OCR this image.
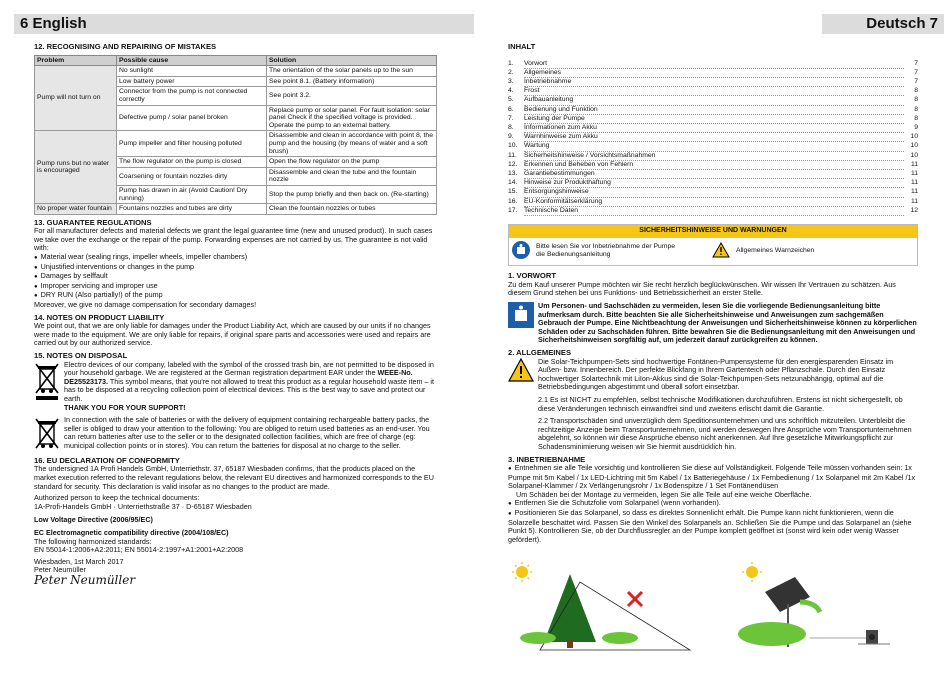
6 English	Deutsch 7
12. RECOGNISING AND REPAIRING OF MISTAKES
Problem	Possible cause	Solution
Pump will not turn on	No sunlight	The orientation of the solar panels up to the sun
	Low battery power	See point 8.1. (Battery information)
	Connector from the pump is not connected correctly	See point 3.2.
	Defective pump / solar panel broken	Replace pump or solar panel. For fault isolation: solar panel Check if the specified voltage is provided. Operate the pump to an external battery.
Pump runs but no water is encouraged	Pump impeller and filter housing polluted	Disassemble and clean in accordance with point 8, the pump and the housing (by means of water and a soft brush)
	The flow regulator on the pump is closed	Open the flow regulator on the pump
	Coarsening or fountain nozzles dirty	Disassemble and clean the tube and the fountain nozzle
	Pump has drawn in air (Avoid Caution! Dry running)	Stop the pump briefly and then back on. (Re-starting)
No proper water fountain	Fountains nozzles and tubes are dirty	Clean the fountain nozzles or tubes
13. GUARANTEE REGULATIONS
For all manufacturer defects and material defects we grant the legal guarantee time (new and unused product). In such cases we take over the exchange or the repair of the pump. Forwarding expenses are not carried by us. The guarantee is not valid with:
● Material wear (sealing rings, impeller wheels, impeller chambers)
● Unjustified interventions or changes in the pump
● Damages by selffault
● Improper servicing and improper use
● DRY RUN (Also partially!) of the pump
Moreover, we give no damage compensation for secondary damages!
14. NOTES ON PRODUCT LIABILITY
We point out, that we are only liable for damages under the Product Liability Act, which are caused by our units if no changes were made to the equipment. We are only liable for repairs, if original spare parts and accessories were used and repairs are carried out by our authorized service.
15. NOTES ON DISPOSAL
Electro devices of our company, labeled with the symbol of the crossed trash bin, are not permitted to be disposed in your household garbage. We are registered at the German registration department EAR under the WEEE-No. DE25523173. This symbol means, that you're not allowed to treat this product as a regular household waste item – it has to be disposed at a recycling collection point of electrical devices. This is the best way to save and protect our earth.
THANK YOU FOR YOUR SUPPORT!
In connection with the sale of batteries or with the delivery of equipment containing rechargeable battery packs, the seller is obliged to draw your attention to the following: You are obliged to return used batteries as an end-user. You can return batteries after use to the seller or to the designated collection facilities, which are free of charge (eg: municipal collection points or in stores). You can return the batteries for disposal at no charge to the seller.
16. EU DECLARATION OF CONFORMITY
The undersigned 1A Profi Handels GmbH, Unterriethstr. 37, 65187 Wiesbaden confirms, that the products placed on the market execution referred to the relevant regulations below, the relevant EU directives and harmonized corresponds to the EU standard for security. This declaration is valid insofar as no changes to the product are made.
Authorized person to keep the technical documents:
1A-Profi-Handels GmbH · Unterriethstraße 37 · D-65187 Wiesbaden
Low Voltage Directive (2006/95/EC)
EC Electromagnetic compatibility directive (2004/108/EC)
The following harmonized standards:
EN 55014-1:2006+A2:2011; EN 55014-2:1997+A1:2001+A2:2008
Wiesbaden, 1st March 2017
Peter Neumüller
Peter Neumüller
INHALT
1.	Vorwort	7
2.	Allgemeines	7
3.	Inbetriebnahme	7
4.	Frost	8
5.	Aufbauanleitung	8
6.	Bedienung und Funktion	8
7.	Leistung der Pumpe	8
8.	Informationen zum Akku	9
9.	Warnhinweise zum Akku	10
10. Wartung	10
11.	Sicherheitshinweise / Vorsichtsmaßnahmen	10
12. Erkennen und Beheben von Fehlern	11
13. Garantiebestimmungen	11
14. Hinweise zur Produkthaftung	11
15. Entsorgungshinweise	11
16. EU-Konformitätserklärung	11
17. Technische Daten	12
SICHERHEITSHINWEISE UND WARNUNGEN
Bitte lesen Sie vor Inbetriebnahme der Pumpe die Bedienungsanleitung
Allgemeines Warnzeichen
1. VORWORT
Zu dem Kauf unserer Pumpe möchten wir Sie recht herzlich beglückwünschen. Wir wissen Ihr Vertrauen zu schätzen. Aus diesem Grund stehen bei uns Funktions- und Betriebssicherheit an erster Stelle.
Um Personen- und Sachschäden zu vermeiden, lesen Sie die vorliegende Bedienungsanleitung bitte aufmerksam durch. Bitte beachten Sie alle Sicherheitshinweise und Anweisungen zum sachgemäßen Gebrauch der Pumpe. Eine Nichtbeachtung der Anweisungen und Sicherheitshinweise können zu körperlichen Schäden oder zu Sachschäden führen. Bitte bewahren Sie die Bedienungsanleitung mit den Anweisungen und Sicherheitshinweisen sorgfältig auf, um jederzeit darauf zurückgreifen zu können.
2. ALLGEMEINES
Die Solar-Teichpumpen-Sets sind hochwertige Fontänen-Pumpensysteme für den energiesparenden Einsatz im Außen- bzw. Innenbereich. Der perfekte Blickfang in Ihrem Gartenteich oder Pflanzschale. Durch den Einsatz hochwertiger Solartechnik mit LiIon-Akkus sind die Solar-Teichpumpen-Sets netzunabhängig, optimal auf die Betriebsbedingungen abgestimmt und überall sofort einsetzbar.
2.1 Es ist NICHT zu empfehlen, selbst technische Modifikationen durchzuführen. Erstens ist nicht sichergestellt, ob diese Veränderungen technisch einwandfrei sind und zweitens erlischt damit die Garantie.
2.2 Transportschäden sind unverzüglich dem Speditionsunternehmen und uns schriftlich mitzuteilen. Unterbleibt die rechtzeitige Anzeige beim Transportunternehmen, und werden deswegen Ihre Ansprüche vom Transportunternehmen abgelehnt, so können wir diese Ansprüche ebenso nicht anerkennen. Auf Ihre gesetzliche Mitwirkungspflicht zur Schadensminimierung weisen wir Sie hiermit ausdrücklich hin.
3. INBETRIEBNAHME
● Entnehmen sie alle Teile vorsichtig und kontrollieren Sie diese auf Vollständigkeit. Folgende Teile müssen vorhanden sein: 1x Pumpe mit 5m Kabel / 1x LED-Lichtring mit 5m Kabel / 1x Batteriegehäuse / 1x Fernbedienung / 1x Solarpanel mit 2m Kabel /1x Solarpanel-Klammer / 2x Verlängerungsrohr / 1x Bodenspitze / 1 Set Fontänendüsen
Um Schäden bei der Montage zu vermeiden, legen Sie alle Teile auf eine weiche Oberfläche.
● Entfernen Sie die Schutzfolie vom Solarpanel (wenn vorhanden).
● Positionieren Sie das Solarpanel, so dass es direktes Sonnenlicht erhält. Die Pumpe kann nicht funktionieren, wenn die Solarzelle beschattet wird. Passen Sie den Winkel des Solarpanels an. Schließen Sie die Pumpe und das Solarpanel an (siehe Punkt 5). Kontrollieren Sie, ob der Durchflussregler an der Pumpe komplett geöffnet ist (sonst wird kein oder wenig Wasser gefördert).
